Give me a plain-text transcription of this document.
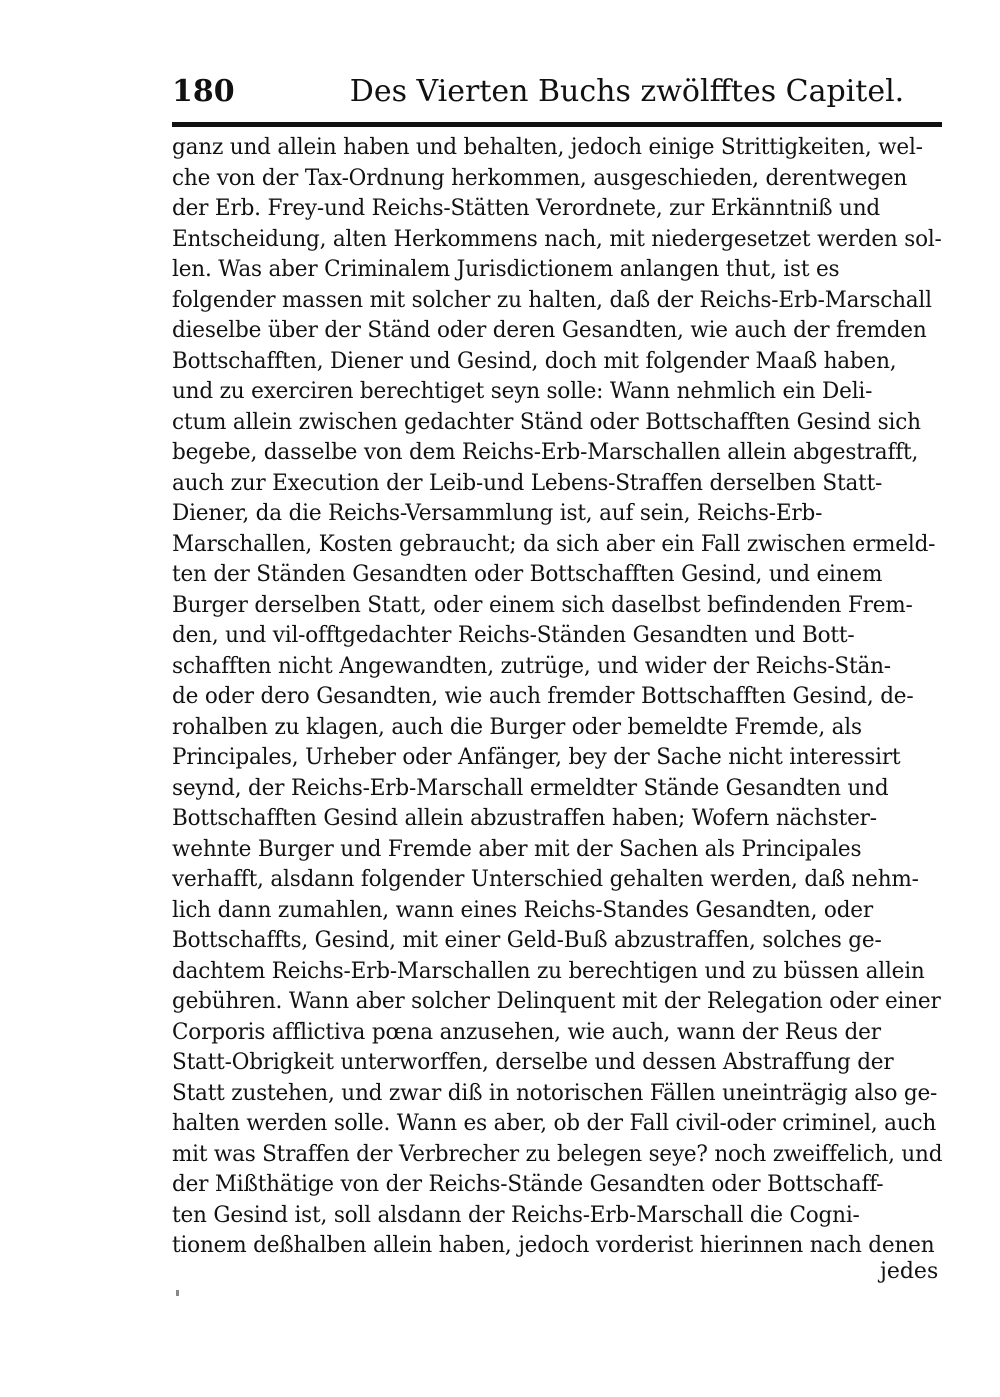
180	Des Vierten Buchs zwölfftes Capitel.
ganz und allein haben und behalten, jedoch einige Strittigkeiten, wel-
che von der Tax-Ordnung herkommen, ausgeschieden, derentwegen
der Erb. Frey-und Reichs-Stätten Verordnete, zur Erkänntniß und
Entscheidung, alten Herkommens nach, mit niedergesetzet werden sol-
len. Was aber Criminalem Jurisdictionem anlangen thut, ist es
folgender massen mit solcher zu halten, daß der Reichs-Erb-Marschall
dieselbe über der Ständ oder deren Gesandten, wie auch der fremden
Bottschafften, Diener und Gesind, doch mit folgender Maaß haben,
und zu exerciren berechtiget seyn solle: Wann nehmlich ein Deli-
ctum allein zwischen gedachter Ständ oder Bottschafften Gesind sich
begebe, dasselbe von dem Reichs-Erb-Marschallen allein abgestrafft,
auch zur Execution der Leib-und Lebens-Straffen derselben Statt-
Diener, da die Reichs-Versammlung ist, auf sein, Reichs-Erb-
Marschallen, Kosten gebraucht; da sich aber ein Fall zwischen ermeld-
ten der Ständen Gesandten oder Bottschafften Gesind, und einem
Burger derselben Statt, oder einem sich daselbst befindenden Frem-
den, und vil-offtgedachter Reichs-Ständen Gesandten und Bott-
schafften nicht Angewandten, zutrüge, und wider der Reichs-Stän-
de oder dero Gesandten, wie auch fremder Bottschafften Gesind, de-
rohalben zu klagen, auch die Burger oder bemeldte Fremde, als
Principales, Urheber oder Anfänger, bey der Sache nicht interessirt
seynd, der Reichs-Erb-Marschall ermeldter Stände Gesandten und
Bottschafften Gesind allein abzustraffen haben; Wofern nächster-
wehnte Burger und Fremde aber mit der Sachen als Principales
verhafft, alsdann folgender Unterschied gehalten werden, daß nehm-
lich dann zumahlen, wann eines Reichs-Standes Gesandten, oder
Bottschaffts, Gesind, mit einer Geld-Buß abzustraffen, solches ge-
dachtem Reichs-Erb-Marschallen zu berechtigen und zu büssen allein
gebühren. Wann aber solcher Delinquent mit der Relegation oder einer
Corporis afflictiva pœna anzusehen, wie auch, wann der Reus der
Statt-Obrigkeit unterworffen, derselbe und dessen Abstraffung der
Statt zustehen, und zwar diß in notorischen Fällen uneinträgig also ge-
halten werden solle. Wann es aber, ob der Fall civil-oder criminel, auch
mit was Straffen der Verbrecher zu belegen seye? noch zweiffelich, und
der Mißthätige von der Reichs-Stände Gesandten oder Bottschaff-
ten Gesind ist, soll alsdann der Reichs-Erb-Marschall die Cogni-
tionem deßhalben allein haben, jedoch vorderist hierinnen nach denen
jedes
